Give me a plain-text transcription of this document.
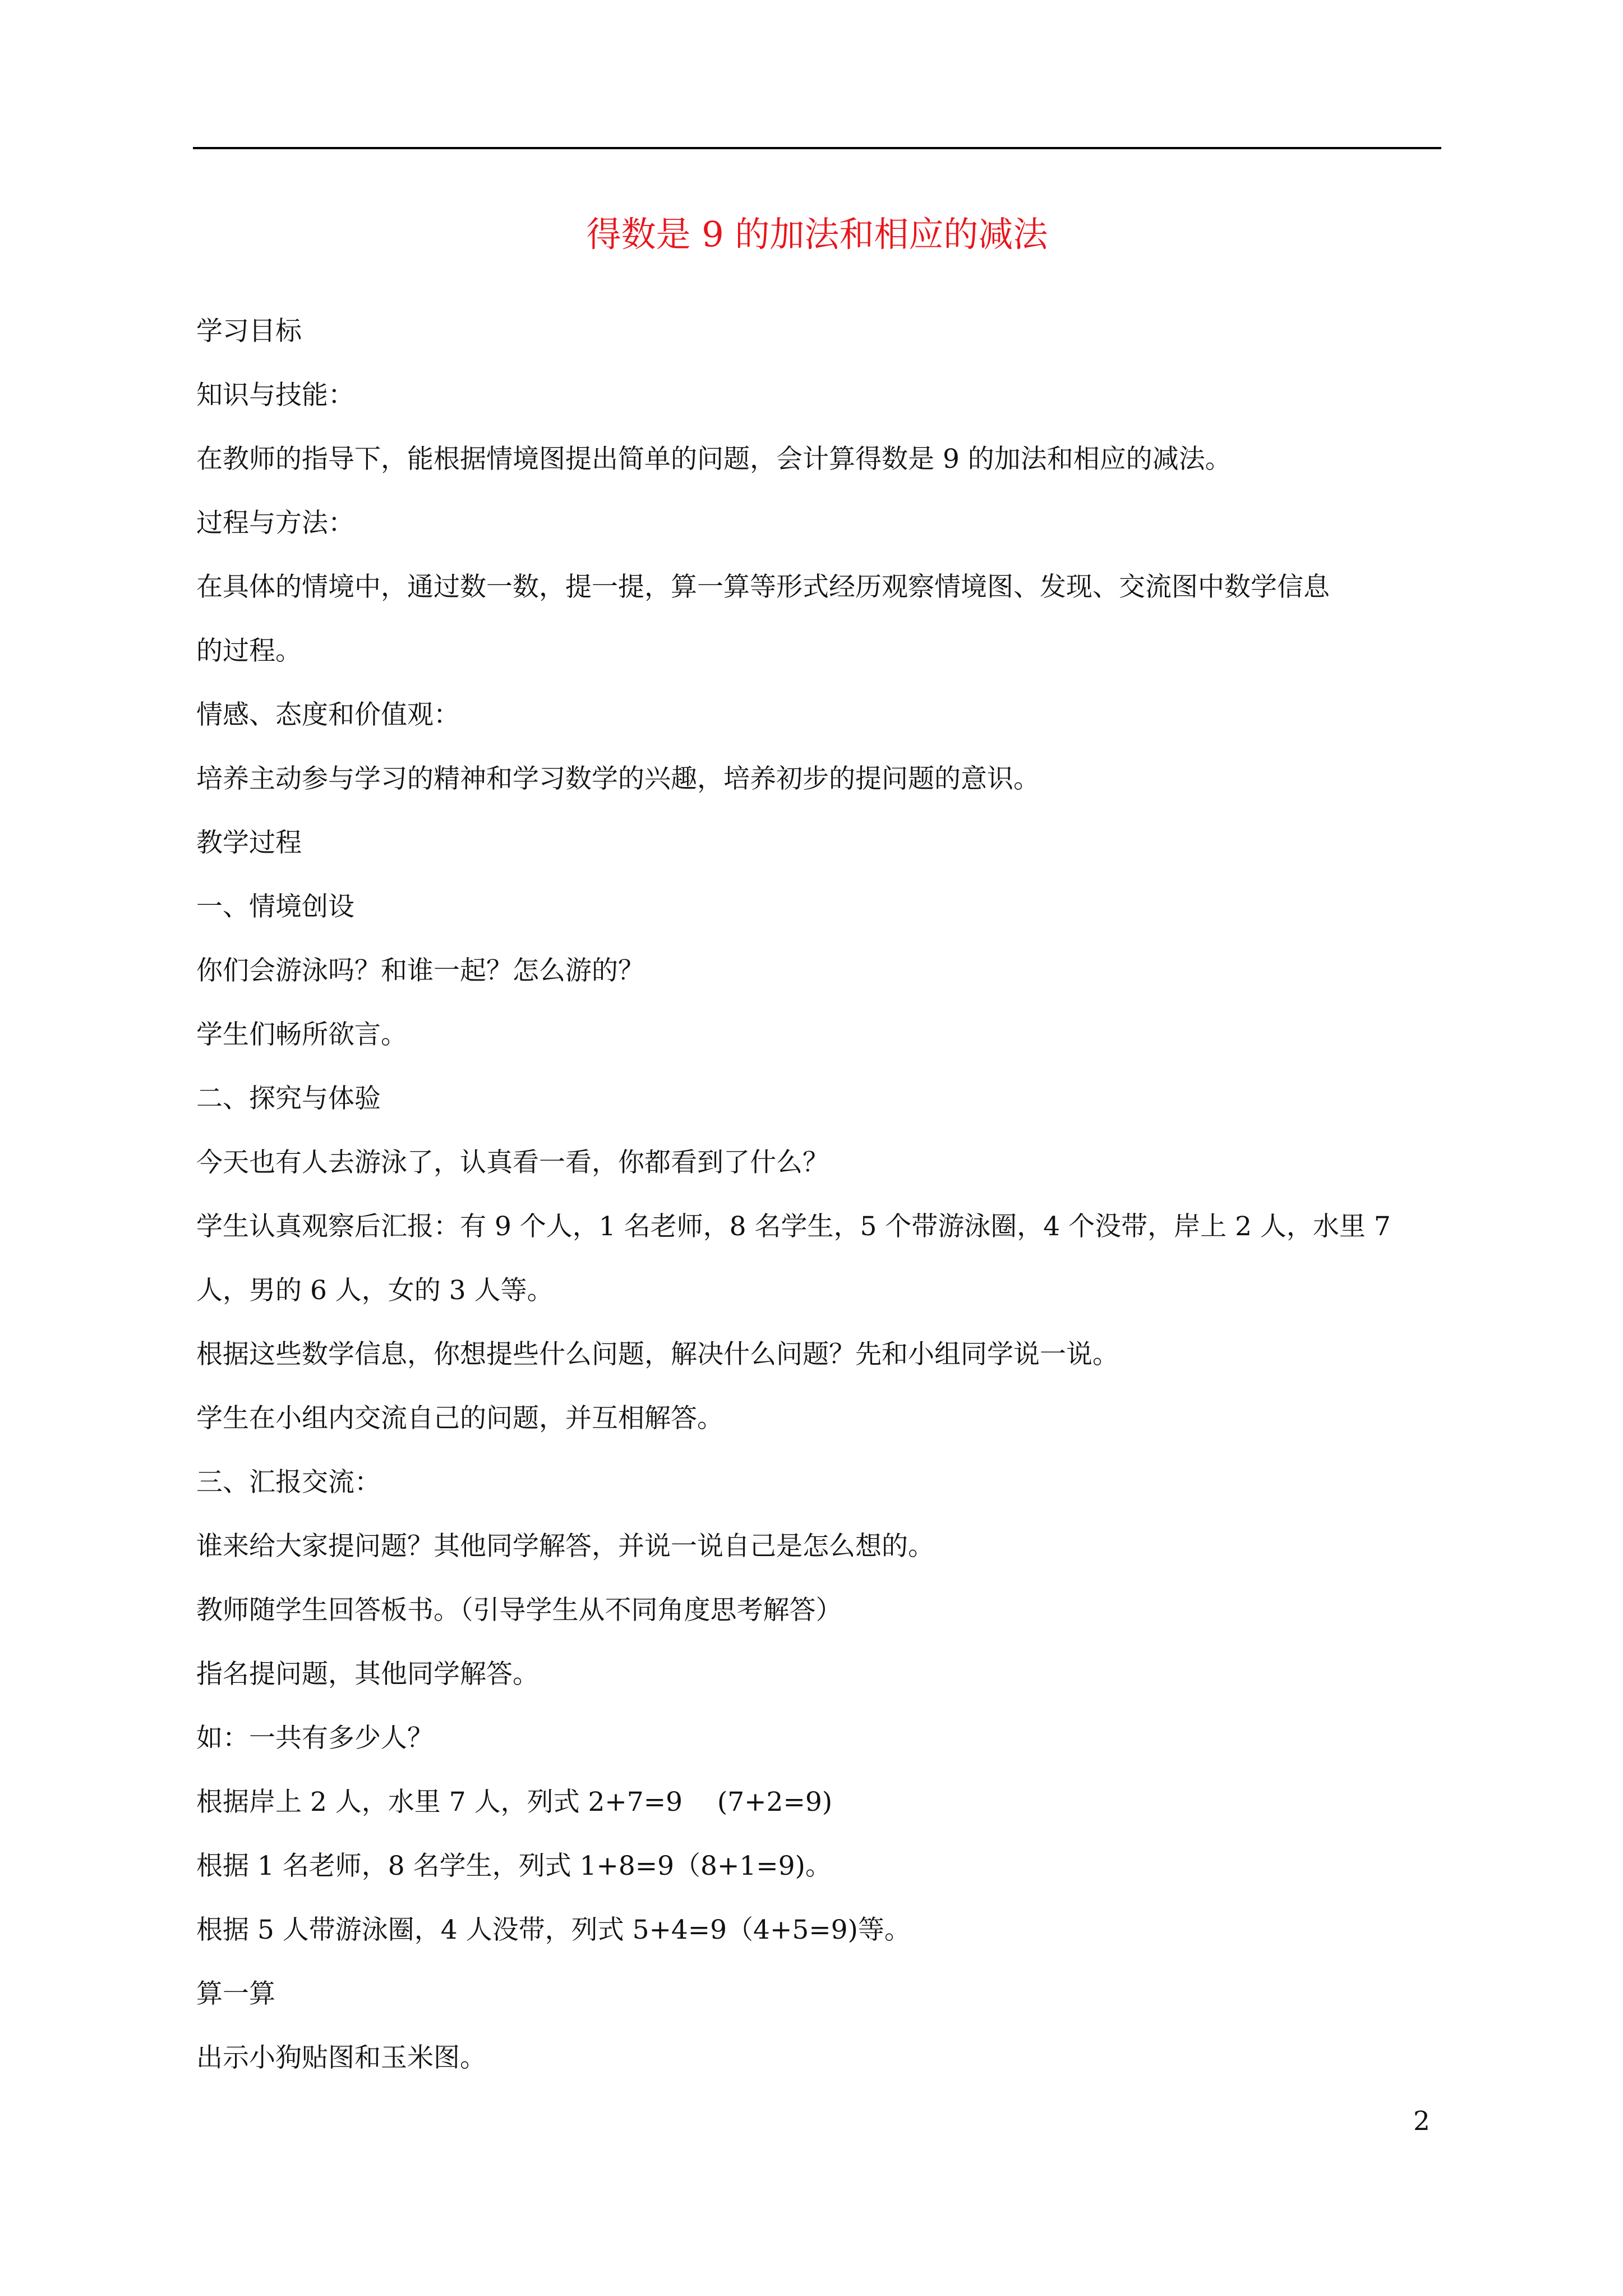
得数是 9 的加法和相应的减法
学习目标
知识与技能：
在教师的指导下，能根据情境图提出简单的问题，会计算得数是 9 的加法和相应的减法。
过程与方法：
在具体的情境中，通过数一数，提一提，算一算等形式经历观察情境图、发现、交流图中数学信息
的过程。
情感、态度和价值观：
培养主动参与学习的精神和学习数学的兴趣，培养初步的提问题的意识。
教学过程
一、情境创设
你们会游泳吗？和谁一起？怎么游的？
学生们畅所欲言。
二、探究与体验
今天也有人去游泳了，认真看一看，你都看到了什么？
学生认真观察后汇报：有 9 个人，1 名老师，8 名学生，5 个带游泳圈，4 个没带，岸上 2 人，水里 7
人，男的 6 人，女的 3 人等。
根据这些数学信息，你想提些什么问题，解决什么问题？先和小组同学说一说。
学生在小组内交流自己的问题，并互相解答。
三、汇报交流：
谁来给大家提问题？其他同学解答，并说一说自己是怎么想的。
教师随学生回答板书。（引导学生从不同角度思考解答）
指名提问题，其他同学解答。
如：一共有多少人？
根据岸上 2 人，水里 7 人，列式 2+7=9　 (7+2=9)
根据 1 名老师，8 名学生，列式 1+8=9（8+1=9)。
根据 5 人带游泳圈，4 人没带，列式 5+4=9（4+5=9)等。
算一算
出示小狗贴图和玉米图。
2
